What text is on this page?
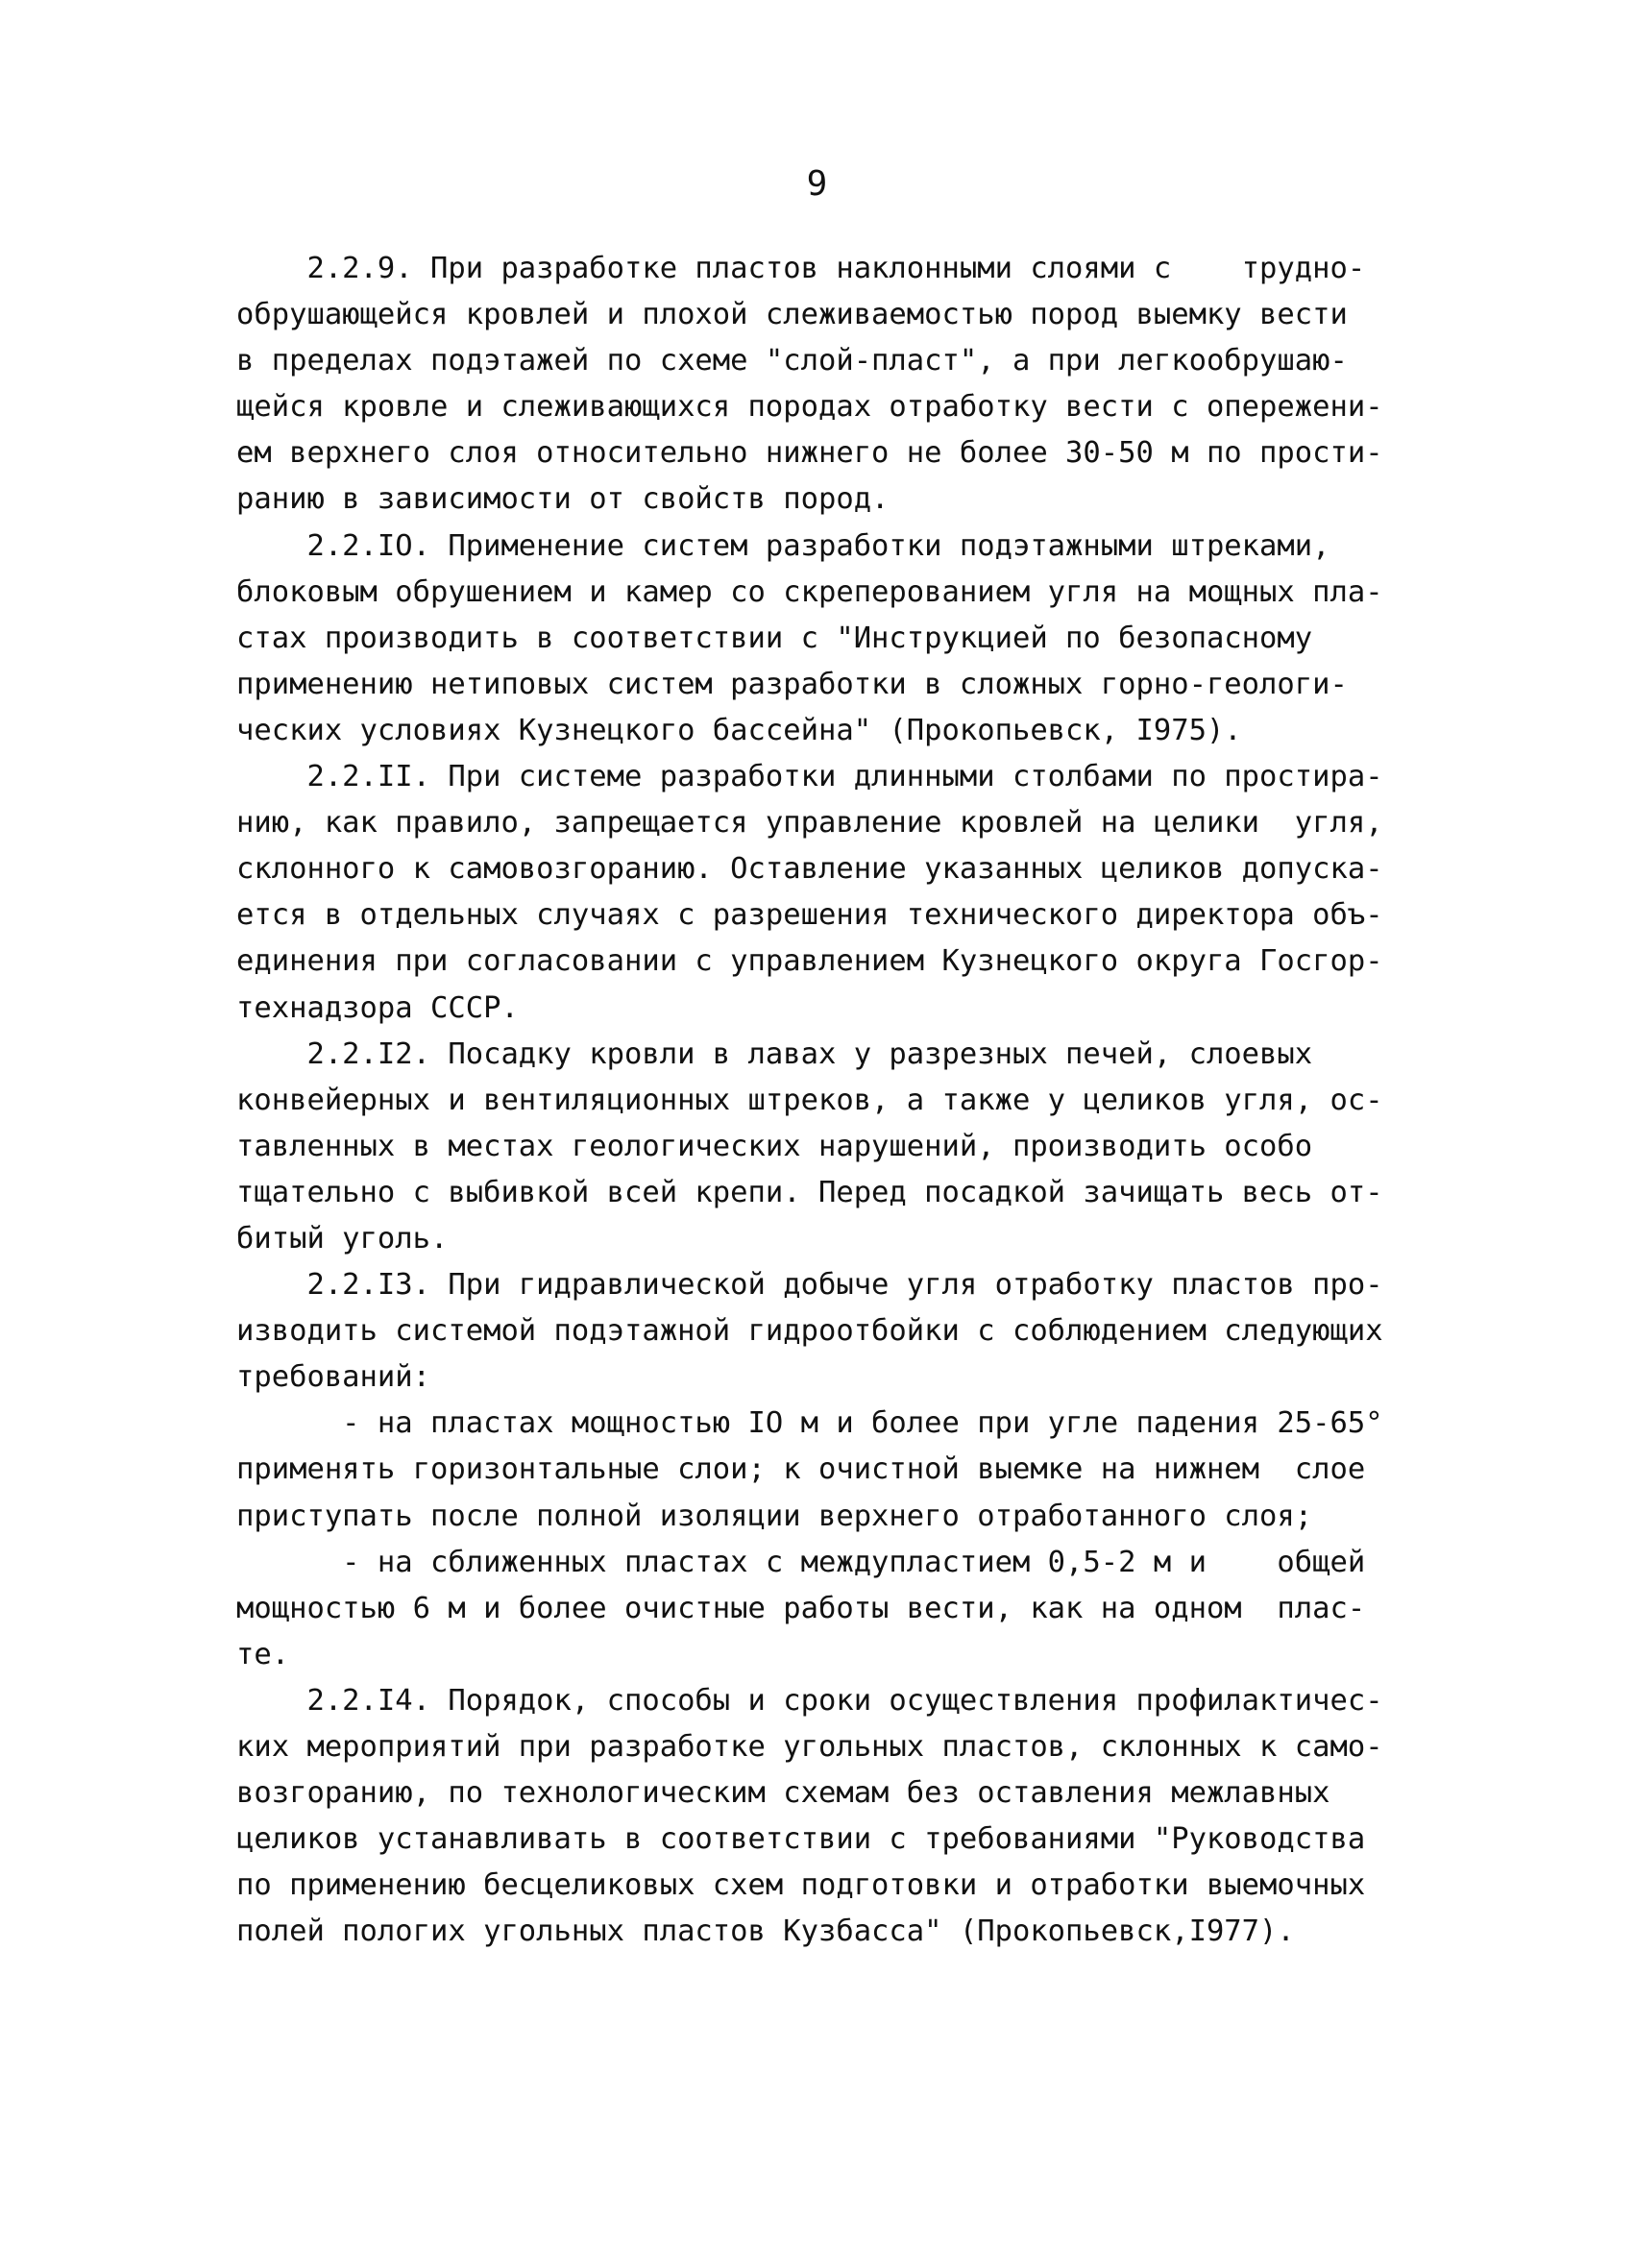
9
2.2.9. При разработке пластов наклонными слоями с    трудно-
обрушающейся кровлей и плохой слеживаемостью пород выемку вести
в пределах подэтажей по схеме "слой-пласт", а при легкообрушаю-
щейся кровле и слеживающихся породах отработку вести с опережени-
ем верхнего слоя относительно нижнего не более 30-50 м по прости-
ранию в зависимости от свойств пород.
2.2.IO. Применение систем разработки подэтажными штреками,
блоковым обрушением и камер со скреперованием угля на мощных пла-
стах производить в соответствии с "Инструкцией по безопасному
применению нетиповых систем разработки в сложных горно-геологи-
ческих условиях Кузнецкого бассейна" (Прокопьевск, I975).
2.2.II. При системе разработки длинными столбами по простира-
нию, как правило, запрещается управление кровлей на целики  угля,
склонного к самовозгоранию. Оставление указанных целиков допуска-
ется в отдельных случаях с разрешения технического директора объ-
единения при согласовании с управлением Кузнецкого округа Госгор-
технадзора СССР.
2.2.I2. Посадку кровли в лавах у разрезных печей, слоевых
конвейерных и вентиляционных штреков, а также у целиков угля, ос-
тавленных в местах геологических нарушений, производить особо
тщательно с выбивкой всей крепи. Перед посадкой зачищать весь от-
битый уголь.
2.2.I3. При гидравлической добыче угля отработку пластов про-
изводить системой подэтажной гидроотбойки с соблюдением следующих
требований:
- на пластах мощностью IO м и более при угле падения 25-65°
применять горизонтальные слои; к очистной выемке на нижнем  слое
приступать после полной изоляции верхнего отработанного слоя;
- на сближенных пластах с междупластием 0,5-2 м и    общей
мощностью 6 м и более очистные работы вести, как на одном  плас-
те.
2.2.I4. Порядок, способы и сроки осуществления профилактичес-
ких мероприятий при разработке угольных пластов, склонных к само-
возгоранию, по технологическим схемам без оставления межлавных
целиков устанавливать в соответствии с требованиями "Руководства
по применению бесцеликовых схем подготовки и отработки выемочных
полей пологих угольных пластов Кузбасса" (Прокопьевск,I977).
